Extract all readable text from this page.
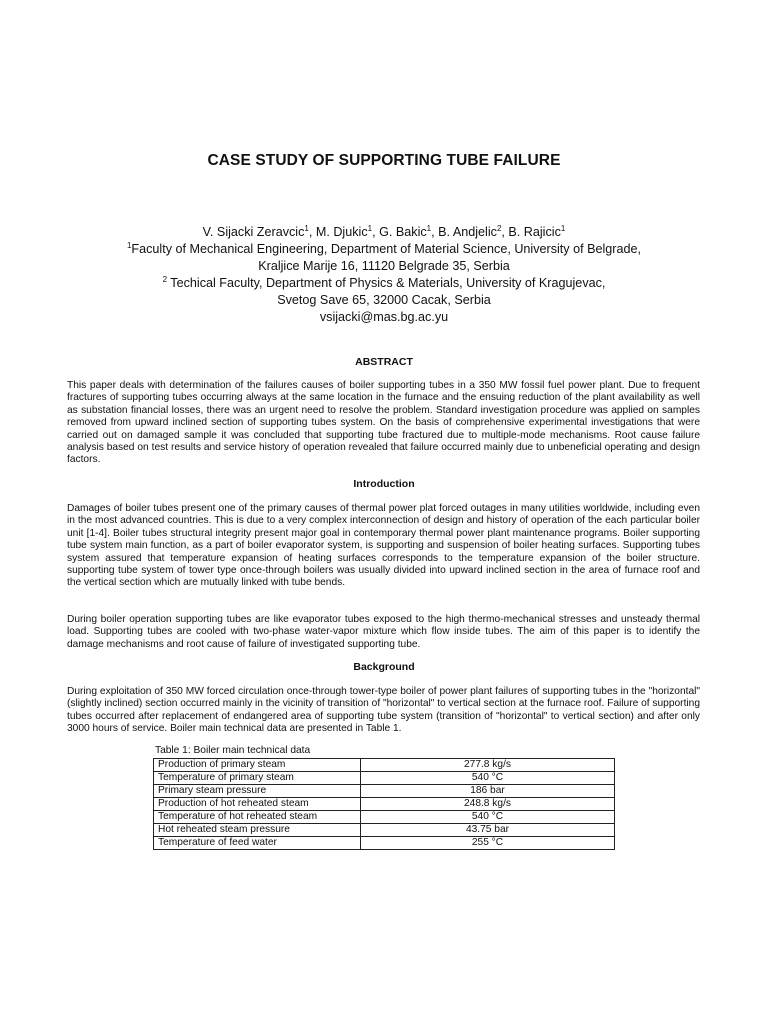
CASE STUDY OF SUPPORTING TUBE FAILURE
V. Sijacki Zeravcic$^1$, M. Djukic$^1$, G. Bakic$^1$, B. Andjelic$^2$, B. Rajicic$^1$
$^1$Faculty of Mechanical Engineering, Department of Material Science, University of Belgrade,
Kraljice Marije 16, 11120 Belgrade 35, Serbia
$^2$ Techical Faculty, Department of Physics & Materials, University of Kragujevac,
Svetog Save 65, 32000 Cacak, Serbia
vsijacki@mas.bg.ac.yu
ABSTRACT
This paper deals with determination of the failures causes of boiler supporting tubes in a 350 MW fossil fuel power plant. Due to frequent fractures of supporting tubes occurring always at the same location in the furnace and the ensuing reduction of the plant availability as well as substation financial losses, there was an urgent need to resolve the problem. Standard investigation procedure was applied on samples removed from upward inclined section of supporting tubes system. On the basis of comprehensive experimental investigations that were carried out on damaged sample it was concluded that supporting tube fractured due to multiple-mode mechanisms. Root cause failure analysis based on test results and service history of operation revealed that failure occurred mainly due to unbeneficial operating and design factors.
Introduction
Damages of boiler tubes present one of the primary causes of thermal power plat forced outages in many utilities worldwide, including even in the most advanced countries. This is due to a very complex interconnection of design and history of operation of the each particular boiler unit [1-4]. Boiler tubes structural integrity present major goal in contemporary thermal power plant maintenance programs. Boiler supporting tube system main function, as a part of boiler evaporator system, is supporting and suspension of boiler heating surfaces. Supporting tubes system assured that temperature expansion of heating surfaces corresponds to the temperature expansion of the boiler structure. supporting tube system of tower type once-through boilers was usually divided into upward inclined section in the area of furnace roof and the vertical section which are mutually linked with tube bends.
During boiler operation supporting tubes are like evaporator tubes exposed to the high thermo-mechanical stresses and unsteady thermal load. Supporting tubes are cooled with two-phase water-vapor mixture which flow inside tubes. The aim of this paper is to identify the damage mechanisms and root cause of failure of investigated supporting tube.
Background
During exploitation of 350 MW forced circulation once-through tower-type boiler of power plant failures of supporting tubes in the "horizontal" (slightly inclined) section occurred mainly in the vicinity of transition of "horizontal" to vertical section at the furnace roof. Failure of supporting tubes occurred after replacement of endangered area of supporting tube system (transition of "horizontal" to vertical section) and after only 3000 hours of service. Boiler main technical data are presented in Table 1.
Table 1: Boiler main technical data
Production of primary steam	277.8 kg/s
Temperature of primary steam	540 °C
Primary steam pressure	186 bar
Production of hot reheated steam	248.8 kg/s
Temperature of hot reheated steam	540 °C
Hot reheated steam pressure	43.75 bar
Temperature of feed water	255 °C
